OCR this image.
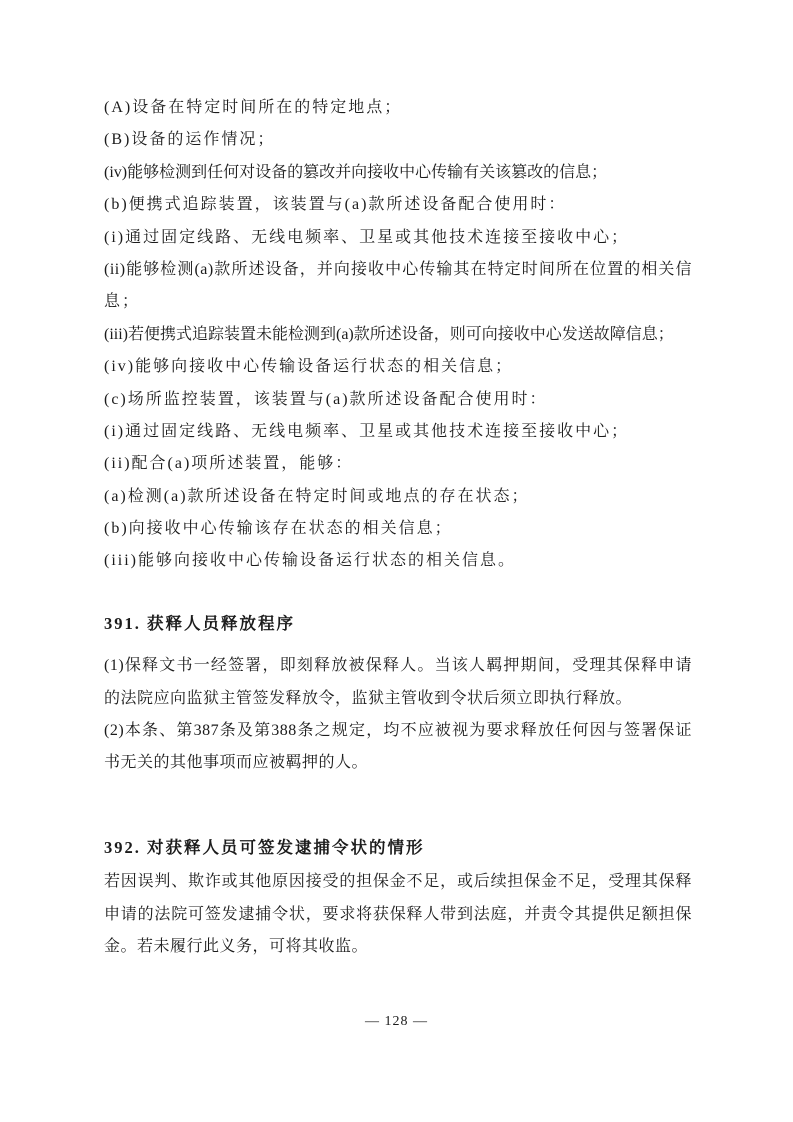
(A)设备在特定时间所在的特定地点；
(B)设备的运作情况；
(iv)能够检测到任何对设备的篡改并向接收中心传输有关该篡改的信息；
(b)便携式追踪装置，该装置与(a)款所述设备配合使用时：
(i)通过固定线路、无线电频率、卫星或其他技术连接至接收中心；
(ii)能够检测(a)款所述设备，并向接收中心传输其在特定时间所在位置的相关信
息；
(iii)若便携式追踪装置未能检测到(a)款所述设备，则可向接收中心发送故障信息；
(iv)能够向接收中心传输设备运行状态的相关信息；
(c)场所监控装置，该装置与(a)款所述设备配合使用时：
(i)通过固定线路、无线电频率、卫星或其他技术连接至接收中心；
(ii)配合(a)项所述装置，能够：
(a)检测(a)款所述设备在特定时间或地点的存在状态；
(b)向接收中心传输该存在状态的相关信息；
(iii)能够向接收中心传输设备运行状态的相关信息。
391. 获释人员释放程序
(1)保释文书一经签署，即刻释放被保释人。当该人羁押期间，受理其保释申请
的法院应向监狱主管签发释放令，监狱主管收到令状后须立即执行释放。
(2)本条、第387条及第388条之规定，均不应被视为要求释放任何因与签署保证
书无关的其他事项而应被羁押的人。
392. 对获释人员可签发逮捕令状的情形
若因误判、欺诈或其他原因接受的担保金不足，或后续担保金不足，受理其保释
申请的法院可签发逮捕令状，要求将获保释人带到法庭，并责令其提供足额担保
金。若未履行此义务，可将其收监。
— 128 —
